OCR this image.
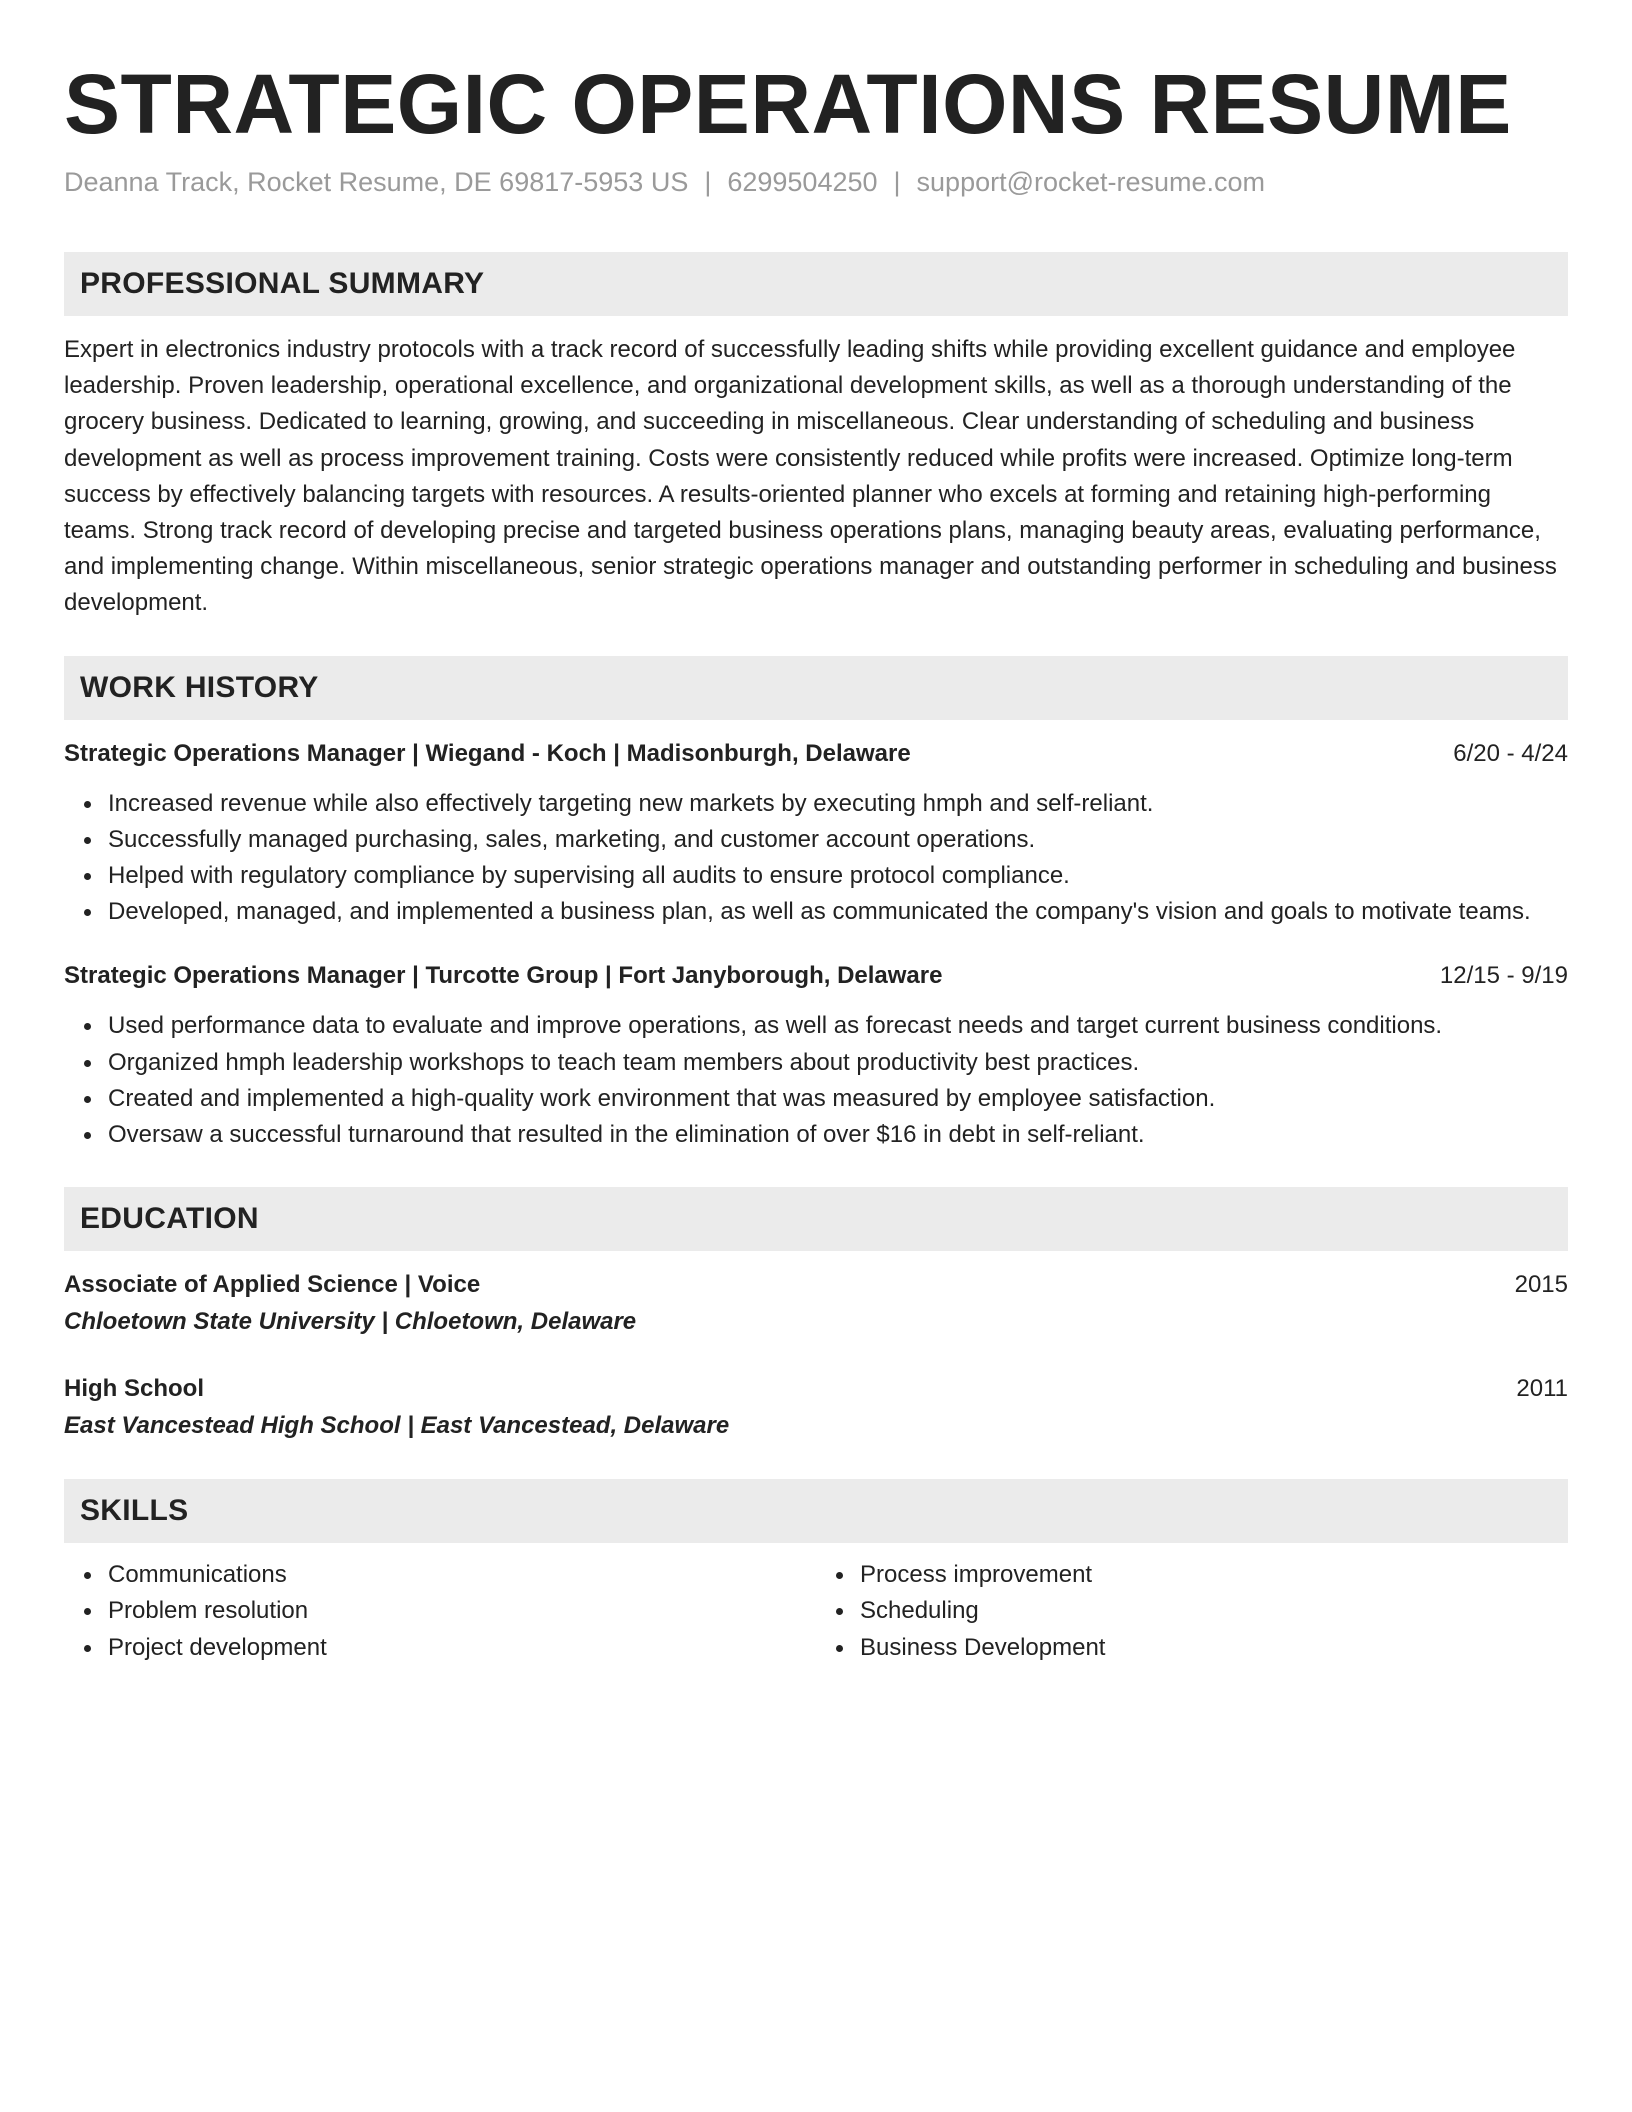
STRATEGIC OPERATIONS RESUME
Deanna Track, Rocket Resume, DE 69817-5953 US | 6299504250 | support@rocket-resume.com
PROFESSIONAL SUMMARY
Expert in electronics industry protocols with a track record of successfully leading shifts while providing excellent guidance and employee leadership. Proven leadership, operational excellence, and organizational development skills, as well as a thorough understanding of the grocery business. Dedicated to learning, growing, and succeeding in miscellaneous. Clear understanding of scheduling and business development as well as process improvement training. Costs were consistently reduced while profits were increased. Optimize long-term success by effectively balancing targets with resources. A results-oriented planner who excels at forming and retaining high-performing teams. Strong track record of developing precise and targeted business operations plans, managing beauty areas, evaluating performance, and implementing change. Within miscellaneous, senior strategic operations manager and outstanding performer in scheduling and business development.
WORK HISTORY
Strategic Operations Manager | Wiegand - Koch | Madisonburgh, Delaware	6/20 - 4/24
Increased revenue while also effectively targeting new markets by executing hmph and self-reliant.
Successfully managed purchasing, sales, marketing, and customer account operations.
Helped with regulatory compliance by supervising all audits to ensure protocol compliance.
Developed, managed, and implemented a business plan, as well as communicated the company's vision and goals to motivate teams.
Strategic Operations Manager | Turcotte Group | Fort Janyborough, Delaware	12/15 - 9/19
Used performance data to evaluate and improve operations, as well as forecast needs and target current business conditions.
Organized hmph leadership workshops to teach team members about productivity best practices.
Created and implemented a high-quality work environment that was measured by employee satisfaction.
Oversaw a successful turnaround that resulted in the elimination of over $16 in debt in self-reliant.
EDUCATION
Associate of Applied Science | Voice	2015
Chloetown State University | Chloetown, Delaware
High School	2011
East Vancestead High School | East Vancestead, Delaware
SKILLS
Communications
Problem resolution
Project development
Process improvement
Scheduling
Business Development
